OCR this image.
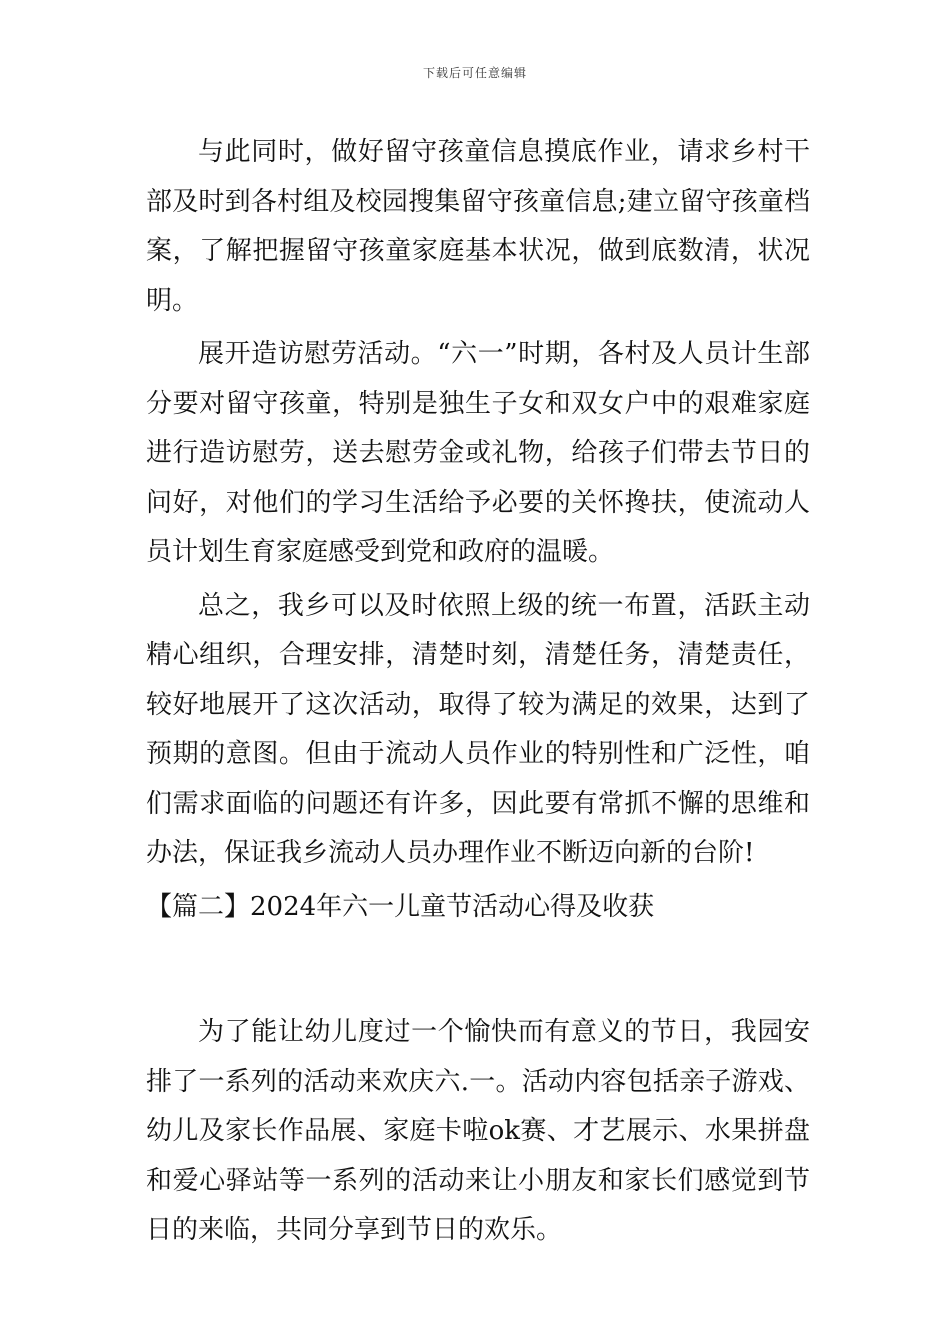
下载后可任意编辑

与此同时，做好留守孩童信息摸底作业，请求乡村干部及时到各村组及校园搜集留守孩童信息;建立留守孩童档案，了解把握留守孩童家庭基本状况，做到底数清，状况明。

展开造访慰劳活动。“六一”时期，各村及人员计生部分要对留守孩童，特别是独生子女和双女户中的艰难家庭进行造访慰劳，送去慰劳金或礼物，给孩子们带去节日的问好，对他们的学习生活给予必要的关怀搀扶，使流动人员计划生育家庭感受到党和政府的温暖。

总之，我乡可以及时依照上级的统一布置，活跃主动精心组织，合理安排，清楚时刻，清楚任务，清楚责任，较好地展开了这次活动，取得了较为满足的效果，达到了预期的意图。但由于流动人员作业的特别性和广泛性，咱们需求面临的问题还有许多，因此要有常抓不懈的思维和办法，保证我乡流动人员办理作业不断迈向新的台阶!

【篇二】2024年六一儿童节活动心得及收获

为了能让幼儿度过一个愉快而有意义的节日，我园安排了一系列的活动来欢庆六.一。活动内容包括亲子游戏、幼儿及家长作品展、家庭卡啦ok赛、才艺展示、水果拼盘和爱心驿站等一系列的活动来让小朋友和家长们感觉到节日的来临，共同分享到节日的欢乐。
